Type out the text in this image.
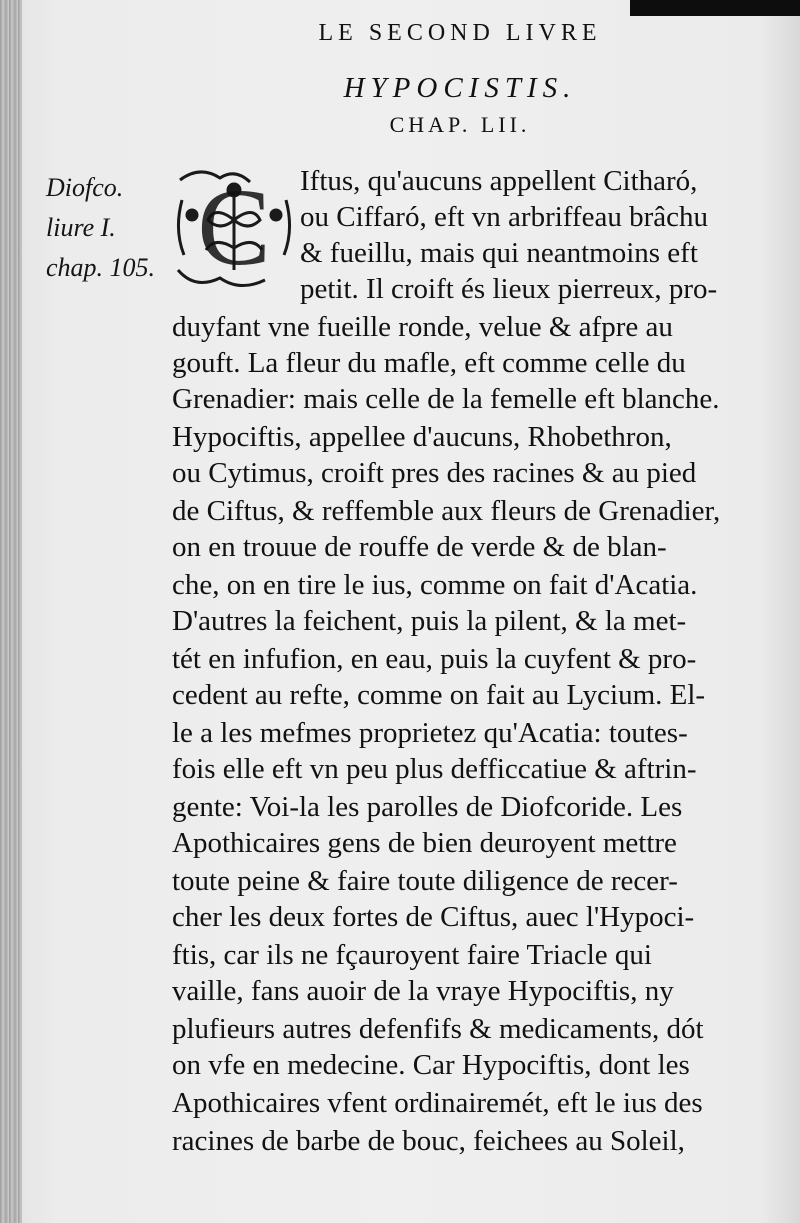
LE SECOND LIVRE
HYPOCISTIS.
CHAP. LII.
Diofco.
liure I.
chap. 105. C Iftus, qu'aucuns appellent Citharó,
ou Ciffaró, eft vn arbriffeau brâchu
& fueillu, mais qui neantmoins eft
petit. Il croift és lieux pierreux, pro-
duyfant vne fueille ronde, velue & afpre au
gouft. La fleur du mafle, eft comme celle du
Grenadier: mais celle de la femelle eft blanche.
Hypociftis, appellee d'aucuns, Rhobethron,
ou Cytimus, croift pres des racines & au pied
de Ciftus, & reffemble aux fleurs de Grenadier,
on en trouue de rouffe de verde & de blan-
che, on en tire le ius, comme on fait d'Acatia.
D'autres la feichent, puis la pilent, & la met-
tét en infufion, en eau, puis la cuyfent & pro-
cedent au refte, comme on fait au Lycium. El-
le a les mefmes proprietez qu'Acatia: toutes-
fois elle eft vn peu plus defficcatiue & aftrin-
gente: Voi-la les parolles de Diofcoride. Les
Apothicaires gens de bien deuroyent mettre
toute peine & faire toute diligence de recer-
cher les deux fortes de Ciftus, auec l'Hypoci-
ftis, car ils ne fçauroyent faire Triacle qui
vaille, fans auoir de la vraye Hypociftis, ny
plufieurs autres defenfifs & medicaments, dót
on vfe en medecine. Car Hypociftis, dont les
Apothicaires vfent ordinairemét, eft le ius des
racines de barbe de bouc, feichees au Soleil,
